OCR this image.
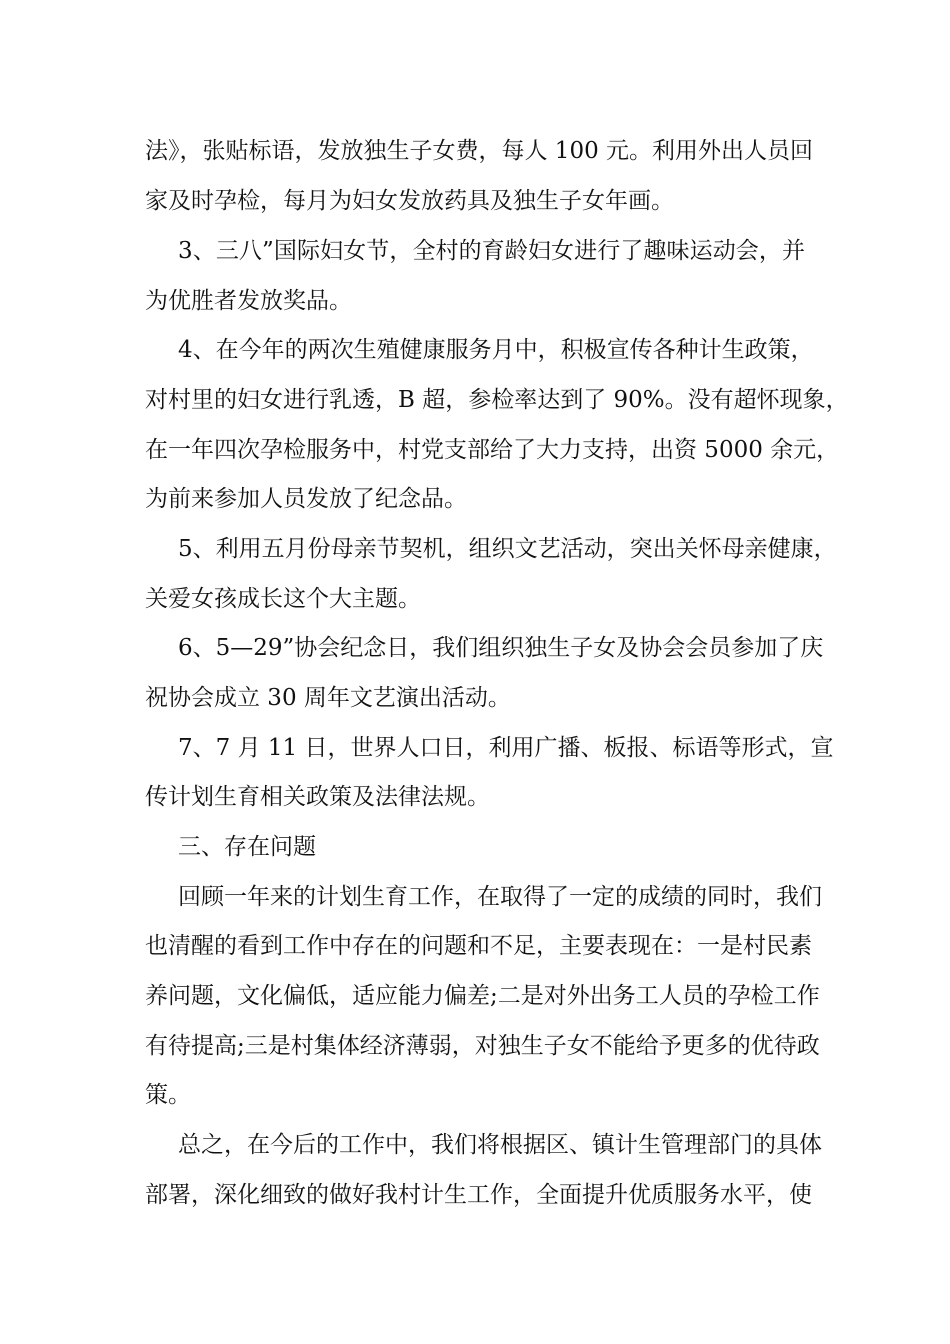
法》，张贴标语，发放独生子女费，每人 100 元。利用外出人员回
家及时孕检，每月为妇女发放药具及独生子女年画。
3、三八”国际妇女节，全村的育龄妇女进行了趣味运动会，并
为优胜者发放奖品。
4、在今年的两次生殖健康服务月中，积极宣传各种计生政策，
对村里的妇女进行乳透，B 超，参检率达到了 90%。没有超怀现象，
在一年四次孕检服务中，村党支部给了大力支持，出资 5000 余元，
为前来参加人员发放了纪念品。
5、利用五月份母亲节契机，组织文艺活动，突出关怀母亲健康，
关爱女孩成长这个大主题。
6、5—29”协会纪念日，我们组织独生子女及协会会员参加了庆
祝协会成立 30 周年文艺演出活动。
7、7 月 11 日，世界人口日，利用广播、板报、标语等形式，宣
传计划生育相关政策及法律法规。
三、存在问题
回顾一年来的计划生育工作，在取得了一定的成绩的同时，我们
也清醒的看到工作中存在的问题和不足，主要表现在：一是村民素
养问题，文化偏低，适应能力偏差;二是对外出务工人员的孕检工作
有待提高;三是村集体经济薄弱，对独生子女不能给予更多的优待政
策。
总之，在今后的工作中，我们将根据区、镇计生管理部门的具体
部署，深化细致的做好我村计生工作，全面提升优质服务水平，使
